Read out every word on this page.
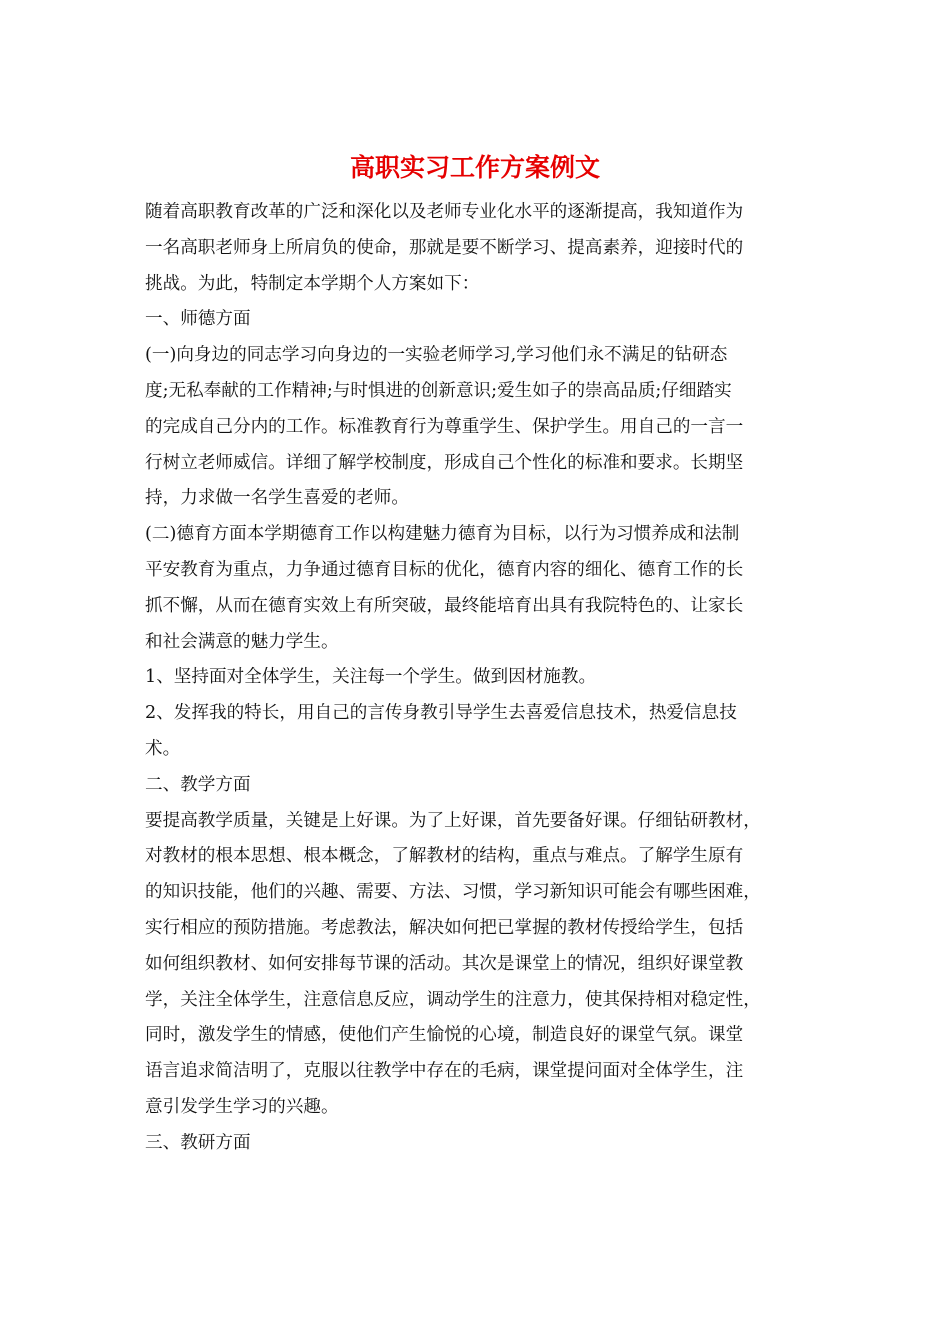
高职实习工作方案例文
随着高职教育改革的广泛和深化以及老师专业化水平的逐渐提高，我知道作为
一名高职老师身上所肩负的使命，那就是要不断学习、提高素养，迎接时代的
挑战。为此，特制定本学期个人方案如下：
一、师德方面
(一)向身边的同志学习向身边的一实验老师学习,学习他们永不满足的钻研态
度;无私奉献的工作精神;与时惧进的创新意识;爱生如子的崇高品质;仔细踏实
的完成自己分内的工作。标准教育行为尊重学生、保护学生。用自己的一言一
行树立老师威信。详细了解学校制度，形成自己个性化的标准和要求。长期坚
持，力求做一名学生喜爱的老师。
(二)德育方面本学期德育工作以构建魅力德育为目标，以行为习惯养成和法制
平安教育为重点，力争通过德育目标的优化，德育内容的细化、德育工作的长
抓不懈，从而在德育实效上有所突破，最终能培育出具有我院特色的、让家长
和社会满意的魅力学生。
1、坚持面对全体学生，关注每一个学生。做到因材施教。
2、发挥我的特长，用自己的言传身教引导学生去喜爱信息技术，热爱信息技
术。
二、教学方面
要提高教学质量，关键是上好课。为了上好课，首先要备好课。仔细钻研教材，
对教材的根本思想、根本概念，了解教材的结构，重点与难点。了解学生原有
的知识技能，他们的兴趣、需要、方法、习惯，学习新知识可能会有哪些困难，
实行相应的预防措施。考虑教法，解决如何把已掌握的教材传授给学生，包括
如何组织教材、如何安排每节课的活动。其次是课堂上的情况，组织好课堂教
学，关注全体学生，注意信息反应，调动学生的注意力，使其保持相对稳定性，
同时，激发学生的情感，使他们产生愉悦的心境，制造良好的课堂气氛。课堂
语言追求简洁明了，克服以往教学中存在的毛病，课堂提问面对全体学生，注
意引发学生学习的兴趣。
三、教研方面
